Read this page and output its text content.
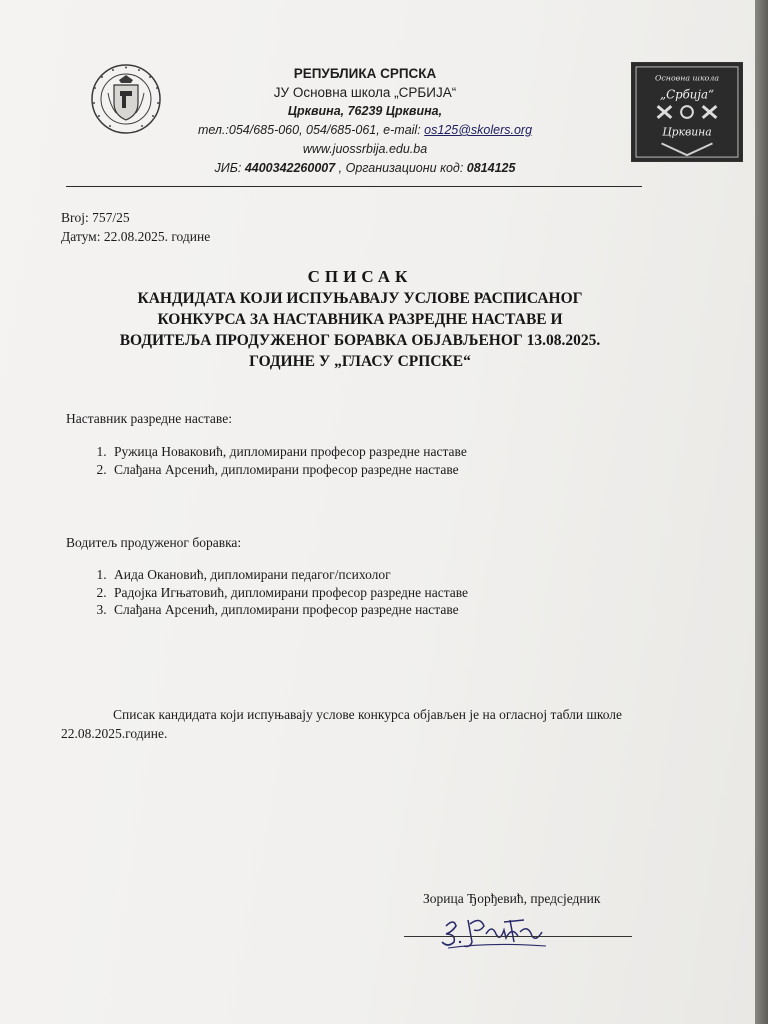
Основна школа
„Србија“
Црквина
РЕПУБЛИКА СРПСКА
ЈУ Основна школа „СРБИЈА“
Црквина, 76239 Црквина,
тел.:054/685-060, 054/685-061, e-mail: os125@skolers.org
www.juossrbija.edu.ba
ЈИБ: 4400342260007 , Организациони код: 0814125
Broj: 757/25
Датум: 22.08.2025. године
СПИСАК
КАНДИДАТА КОЈИ ИСПУЊАВАЈУ УСЛОВЕ РАСПИСАНОГ
КОНКУРСА ЗА НАСТАВНИКА РАЗРЕДНЕ НАСТАВЕ И
ВОДИТЕЉА ПРОДУЖЕНОГ БОРАВКА ОБЈАВЉЕНОГ 13.08.2025.
ГОДИНЕ У „ГЛАСУ СРПСКЕ“
Наставник разредне наставе:
1. Ружица Новаковић, дипломирани професор разредне наставе
2. Слађана Арсенић, дипломирани професор разредне наставе
Водитељ продуженог боравка:
1. Аида Окановић, дипломирани педагог/психолог
2. Радојка Игњатовић, дипломирани професор разредне наставе
3. Слађана Арсенић, дипломирани професор разредне наставе
Списак кандидата који испуњавају услове конкурса објављен је на огласној табли школе 22.08.2025.године.
Зорица Ђорђевић, предсједник
